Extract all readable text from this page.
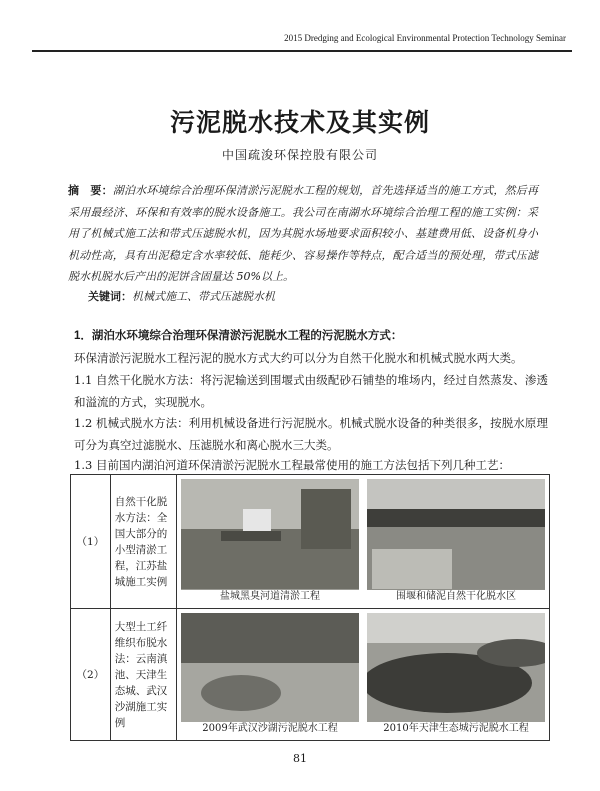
2015 Dredging and Ecological Environmental Protection Technology Seminar
污泥脱水技术及其实例
中国疏浚环保控股有限公司
摘　要：湖泊水环境综合治理环保清淤污泥脱水工程的规划，首先选择适当的施工方式，然后再采用最经济、环保和有效率的脱水设备施工。我公司在南湖水环境综合治理工程的施工实例：采用了机械式施工法和带式压滤脱水机，因为其脱水场地要求面积较小、基建费用低、设备机身小机动性高，具有出泥稳定含水率较低、能耗少、容易操作等特点，配合适当的预处理，带式压滤脱水机脱水后产出的泥饼含固量达 50%以上。
关键词：机械式施工、带式压滤脱水机
1．湖泊水环境综合治理环保清淤污泥脱水工程的污泥脱水方式：
环保清淤污泥脱水工程污泥的脱水方式大约可以分为自然干化脱水和机械式脱水两大类。
1.1 自然干化脱水方法：将污泥输送到围堰式由级配砂石铺垫的堆场内，经过自然蒸发、渗透和溢流的方式，实现脱水。
1.2 机械式脱水方法：利用机械设备进行污泥脱水。机械式脱水设备的种类很多，按脱水原理可分为真空过滤脱水、压滤脱水和离心脱水三大类。
1.3 目前国内湖泊河道环保清淤污泥脱水工程最常使用的施工方法包括下列几种工艺：
（1）	自然干化脱水方法：全国大部分的小型清淤工程，江苏盐城施工实例	盐城黑臭河道清淤工程	围堰和储泥自然干化脱水区

（2）	大型土工纤维织布脱水法：云南滇池、天津生态城、武汉沙湖施工实例	2009年武汉沙湖污泥脱水工程	2010年天津生态城污泥脱水工程
81
